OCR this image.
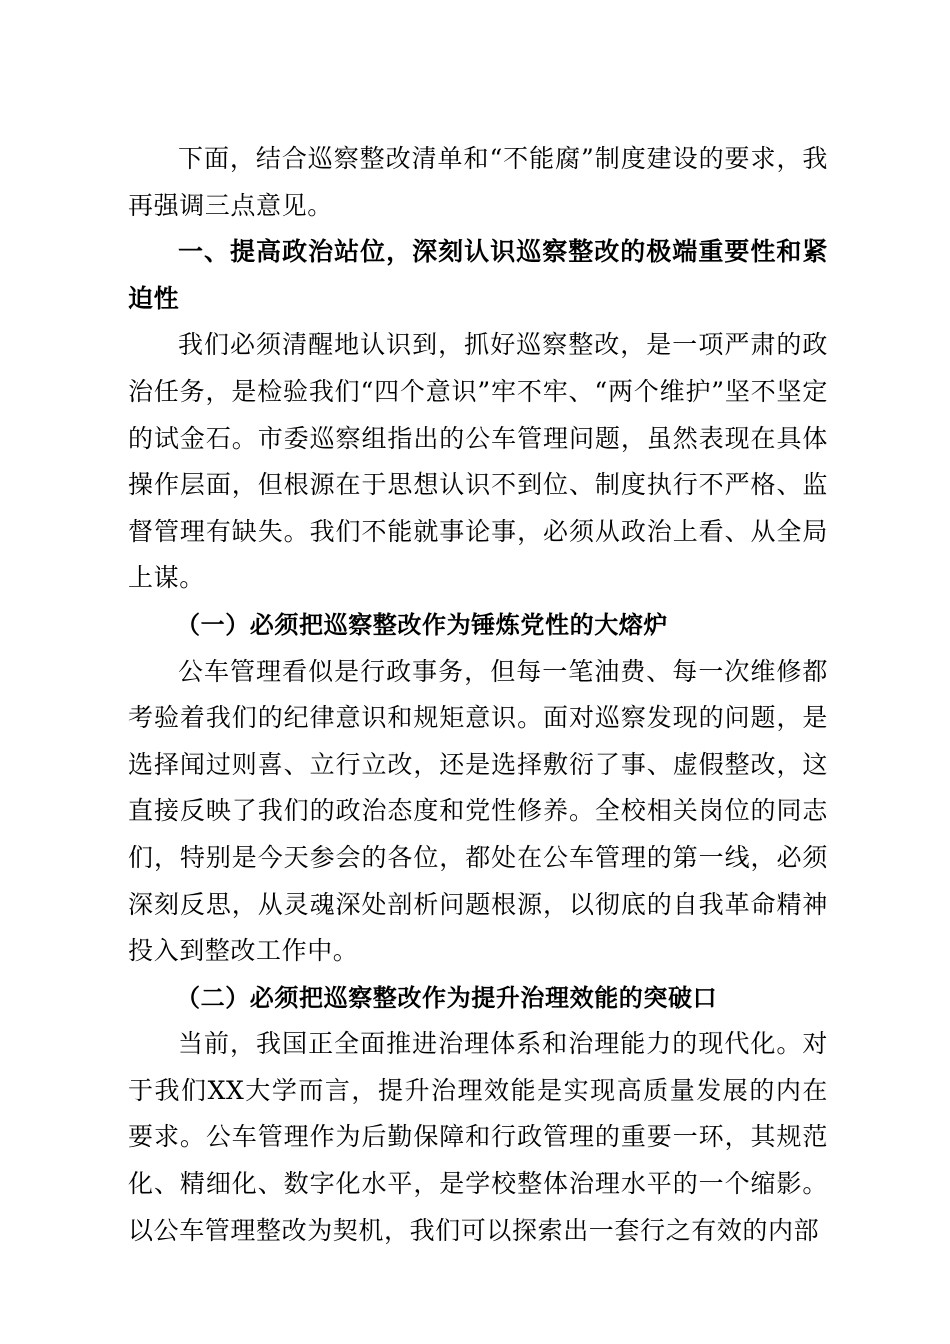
下面，结合巡察整改清单和“不能腐”制度建设的要求，我再强调三点意见。

一、提高政治站位，深刻认识巡察整改的极端重要性和紧迫性

我们必须清醒地认识到，抓好巡察整改，是一项严肃的政治任务，是检验我们“四个意识”牢不牢、“两个维护”坚不坚定的试金石。市委巡察组指出的公车管理问题，虽然表现在具体操作层面，但根源在于思想认识不到位、制度执行不严格、监督管理有缺失。我们不能就事论事，必须从政治上看、从全局上谋。

（一）必须把巡察整改作为锤炼党性的大熔炉

公车管理看似是行政事务，但每一笔油费、每一次维修都考验着我们的纪律意识和规矩意识。面对巡察发现的问题，是选择闻过则喜、立行立改，还是选择敷衍了事、虚假整改，这直接反映了我们的政治态度和党性修养。全校相关岗位的同志们，特别是今天参会的各位，都处在公车管理的第一线，必须深刻反思，从灵魂深处剖析问题根源，以彻底的自我革命精神投入到整改工作中。

（二）必须把巡察整改作为提升治理效能的突破口

当前，我国正全面推进治理体系和治理能力的现代化。对于我们XX大学而言，提升治理效能是实现高质量发展的内在要求。公车管理作为后勤保障和行政管理的重要一环，其规范化、精细化、数字化水平，是学校整体治理水平的一个缩影。以公车管理整改为契机，我们可以探索出一套行之有效的内部
